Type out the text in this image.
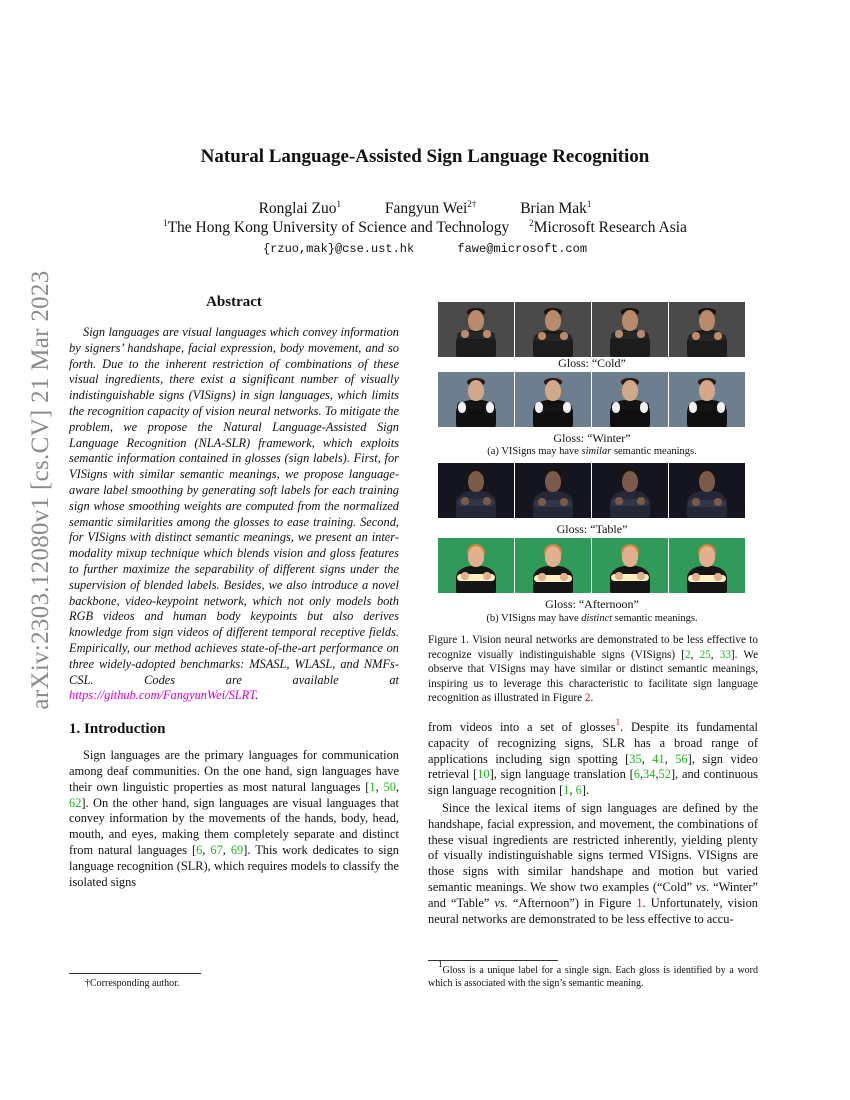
arXiv:2303.12080v1 [cs.CV] 21 Mar 2023
Natural Language-Assisted Sign Language Recognition
Ronglai Zuo$^1$	Fangyun Wei$^{2\dagger}$	Brian Mak$^1$
$^1$The Hong Kong University of Science and Technology $^2$Microsoft Research Asia
{rzuo,mak}@cse.ust.hk	fawe@microsoft.com
Abstract
Sign languages are visual languages which convey information by signers’ handshape, facial expression, body movement, and so forth. Due to the inherent restriction of combinations of these visual ingredients, there exist a significant number of visually indistinguishable signs (VISigns) in sign languages, which limits the recognition capacity of vision neural networks. To mitigate the problem, we propose the Natural Language-Assisted Sign Language Recognition (NLA-SLR) framework, which exploits semantic information contained in glosses (sign labels). First, for VISigns with similar semantic meanings, we propose language-aware label smoothing by generating soft labels for each training sign whose smoothing weights are computed from the normalized semantic similarities among the glosses to ease training. Second, for VISigns with distinct semantic meanings, we present an inter-modality mixup technique which blends vision and gloss features to further maximize the separability of different signs under the supervision of blended labels. Besides, we also introduce a novel backbone, video-keypoint network, which not only models both RGB videos and human body keypoints but also derives knowledge from sign videos of different temporal receptive fields. Empirically, our method achieves state-of-the-art performance on three widely-adopted benchmarks: MSASL, WLASL, and NMFs-CSL. Codes are available at https://github.com/FangyunWei/SLRT.
1. Introduction

Sign languages are the primary languages for communication among deaf communities. On the one hand, sign languages have their own linguistic properties as most natural languages [1, 50, 62]. On the other hand, sign languages are visual languages that convey information by the movements of the hands, body, head, mouth, and eyes, making them completely separate and distinct from natural languages [6, 67, 69]. This work dedicates to sign language recognition (SLR), which requires models to classify the isolated signs

†Corresponding author.
Gloss: “Cold”
Gloss: “Winter”
(a) VISigns may have similar semantic meanings.
Gloss: “Table”
Gloss: “Afternoon”
(b) VISigns may have distinct semantic meanings.
Figure 1. Vision neural networks are demonstrated to be less effective to recognize visually indistinguishable signs (VISigns) [2, 25, 33]. We observe that VISigns may have similar or distinct semantic meanings, inspiring us to leverage this characteristic to facilitate sign language recognition as illustrated in Figure 2.

from videos into a set of glosses$^1$. Despite its fundamental capacity of recognizing signs, SLR has a broad range of applications including sign spotting [35, 41, 56], sign video retrieval [10], sign language translation [6,34,52], and continuous sign language recognition [1, 6].

Since the lexical items of sign languages are defined by the handshape, facial expression, and movement, the combinations of these visual ingredients are restricted inherently, yielding plenty of visually indistinguishable signs termed VISigns. VISigns are those signs with similar handshape and motion but varied semantic meanings. We show two examples (“Cold” vs. “Winter” and “Table” vs. “Afternoon”) in Figure 1. Unfortunately, vision neural networks are demonstrated to be less effective to accu-

$^1$Gloss is a unique label for a single sign. Each gloss is identified by a word which is associated with the sign’s semantic meaning.
